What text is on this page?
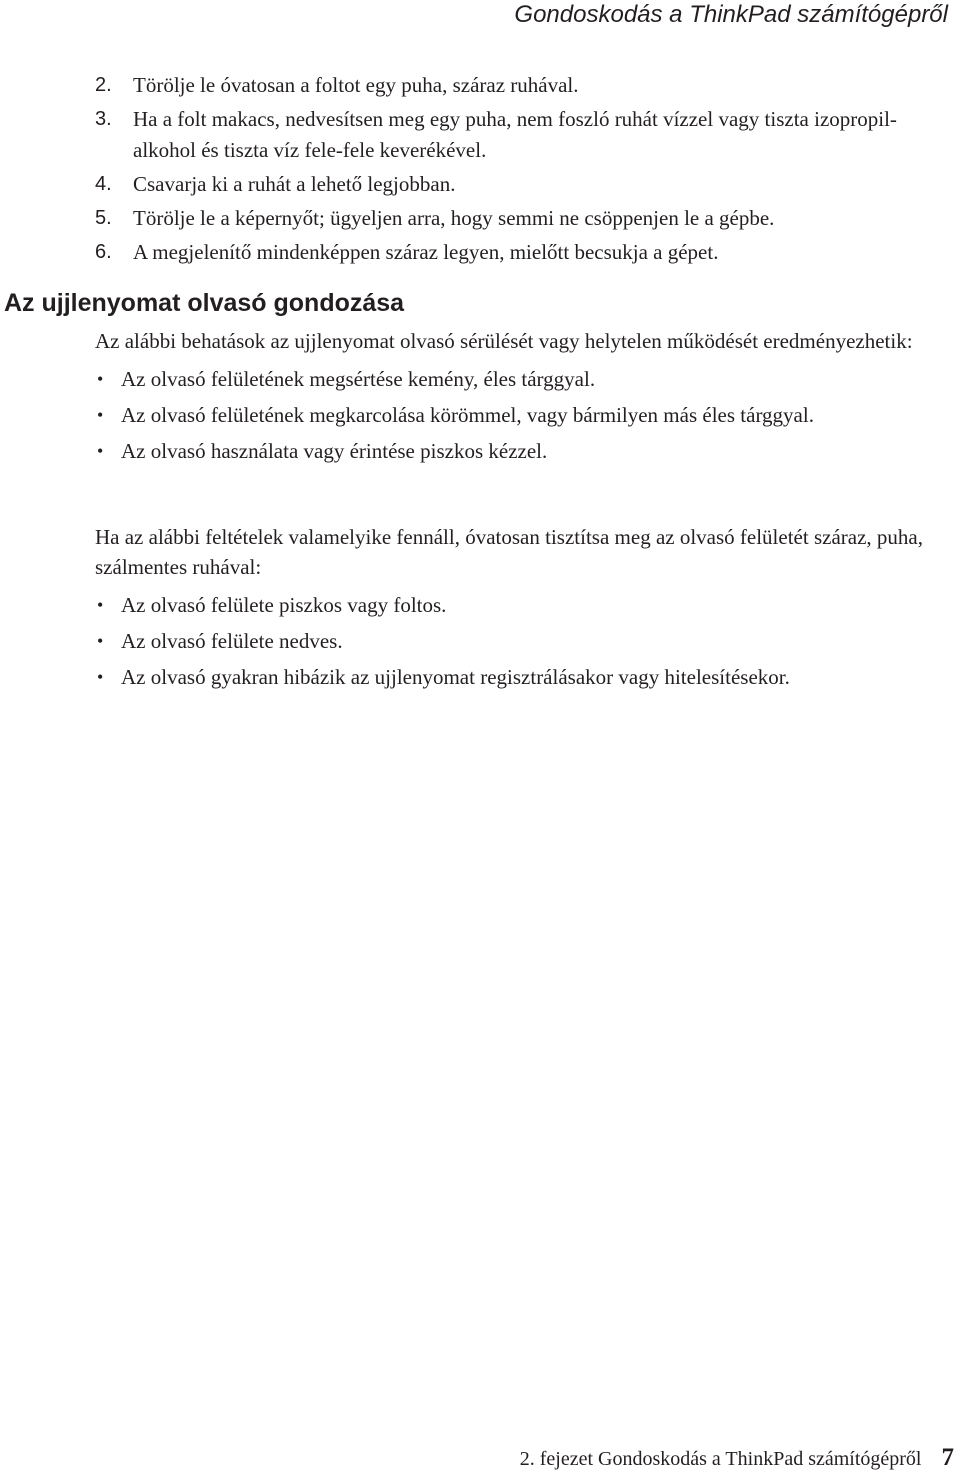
Gondoskodás a ThinkPad számítógépről
2. Törölje le óvatosan a foltot egy puha, száraz ruhával.
3. Ha a folt makacs, nedvesítsen meg egy puha, nem foszló ruhát vízzel vagy tiszta izopropil-alkohol és tiszta víz fele-fele keverékével.
4. Csavarja ki a ruhát a lehető legjobban.
5. Törölje le a képernyőt; ügyeljen arra, hogy semmi ne csöppenjen le a gépbe.
6. A megjelenítő mindenképpen száraz legyen, mielőtt becsukja a gépet.
Az ujjlenyomat olvasó gondozása

Az alábbi behatások az ujjlenyomat olvasó sérülését vagy helytelen működését eredményezhetik:

• Az olvasó felületének megsértése kemény, éles tárggyal.
• Az olvasó felületének megkarcolása körömmel, vagy bármilyen más éles tárggyal.
• Az olvasó használata vagy érintése piszkos kézzel.

Ha az alábbi feltételek valamelyike fennáll, óvatosan tisztítsa meg az olvasó felületét száraz, puha, szálmentes ruhával:

• Az olvasó felülete piszkos vagy foltos.
• Az olvasó felülete nedves.
• Az olvasó gyakran hibázik az ujjlenyomat regisztrálásakor vagy hitelesítésekor.
2. fejezet Gondoskodás a ThinkPad számítógépről 7
